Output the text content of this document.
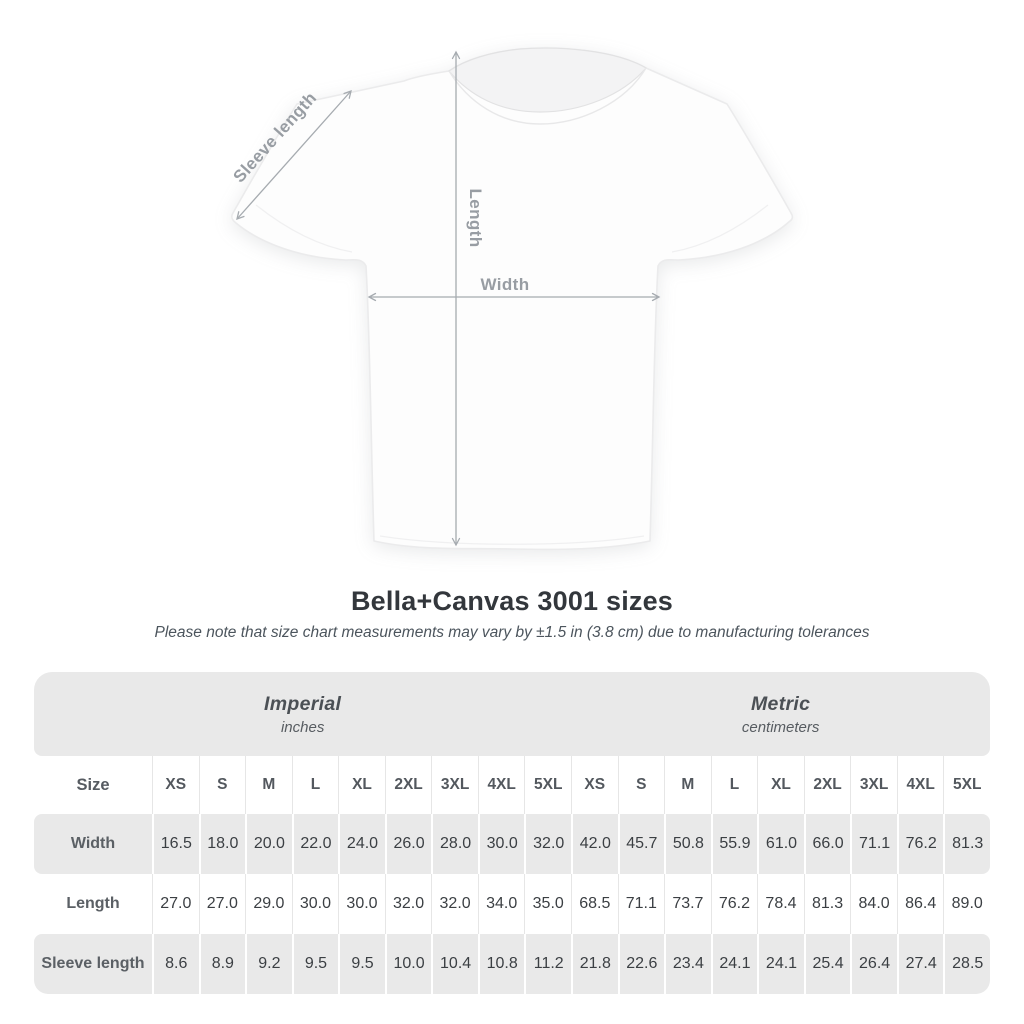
Width
Length
Sleeve length
Bella+Canvas 3001 sizes

Please note that size chart measurements may vary by ±1.5 in (3.8 cm) due to manufacturing tolerances

Imperial
inches
Metric
centimeters
Size	XS	S	M	L	XL	2XL	3XL	4XL	5XL	XS	S	M	L	XL	2XL	3XL	4XL	5XL
Width	16.5 18.0 20.0 22.0 24.0 26.0 28.0 30.0 32.0 42.0 45.7 50.8 55.9 61.0 66.0 71.1 76.2 81.3
Length	27.0 27.0 29.0 30.0 30.0 32.0 32.0 34.0 35.0 68.5 71.1 73.7 76.2 78.4 81.3 84.0 86.4 89.0
Sleeve length	8.6	8.9	9.2	9.5	9.5	10.0 10.4 10.8	11.2	21.8 22.6 23.4 24.1 24.1 25.4 26.4 27.4 28.5
